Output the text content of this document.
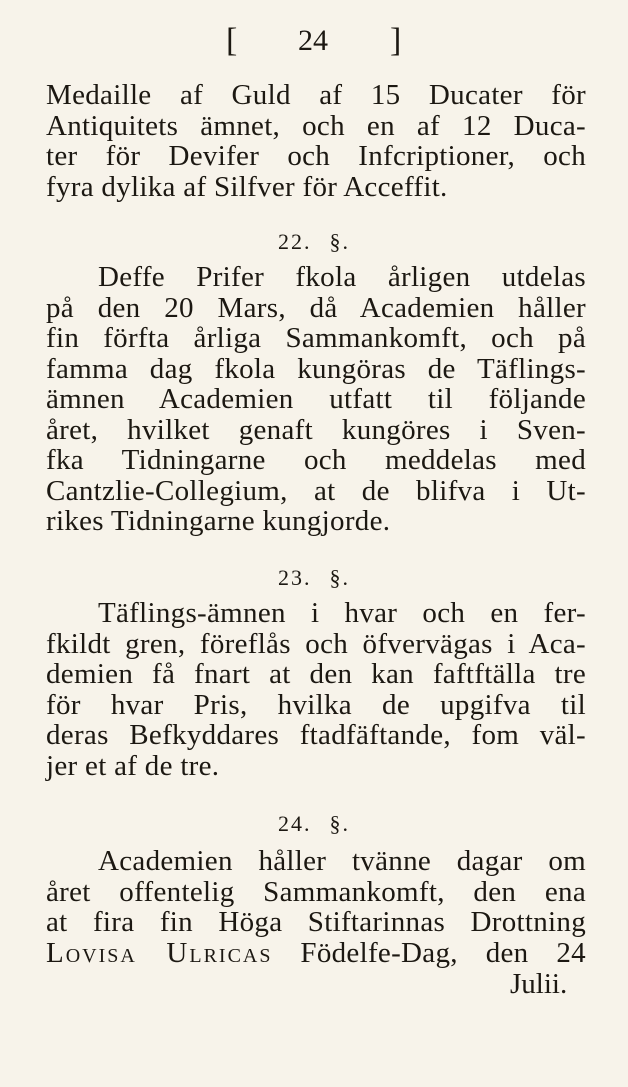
[ 24 ]
Medaille af Guld af 15 Ducater för
Antiquitets ämnet, och en af 12 Duca-
ter för Devifer och Infcriptioner, och
fyra dylika af Silfver för Acceffit.
22. §.
Deffe Prifer fkola årligen utdelas
på den 20 Mars, då Academien håller
fin förfta årliga Sammankomft, och på
famma dag fkola kungöras de Täflings-
ämnen Academien utfatt til följande
året, hvilket genaft kungöres i Sven-
fka Tidningarne och meddelas med
Cantzlie-Collegium, at de blifva i Ut-
rikes Tidningarne kungjorde.
23. §.
Täflings-ämnen i hvar och en fer-
fkildt gren, föreflås och öfvervägas i Aca-
demien få fnart at den kan faftftälla tre
för hvar Pris, hvilka de upgifva til
deras Befkyddares ftadfäftande, fom väl-
jer et af de tre.
24. §.
Academien håller tvänne dagar om
året offentelig Sammankomft, den ena
at fira fin Höga Stiftarinnas Drottning
Lovisa Ulricas Födelfe-Dag, den 24
Julii.
